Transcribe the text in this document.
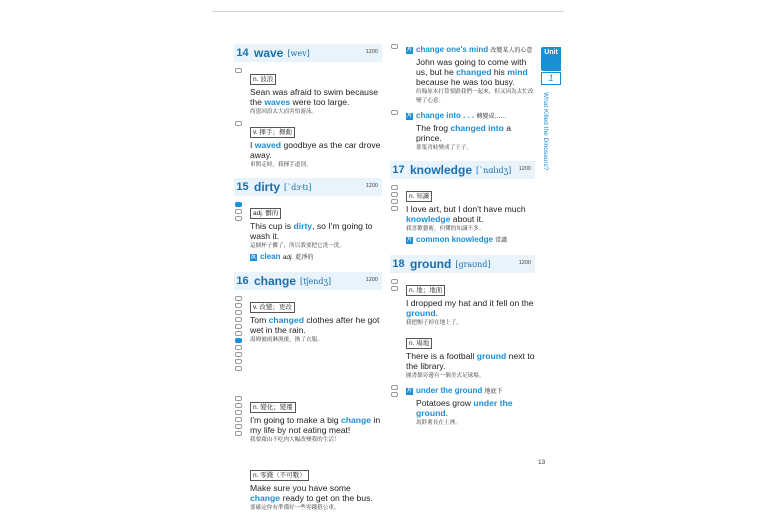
14 wave [wev]	1200
n. 波浪
Sean was afraid to swim because
the waves were too large.
尚恩因浪太大而害怕游泳。
v. 揮手；揮動
I waved goodbye as the car drove away.
車開走時，我揮手道別。
15 dirty [ˋdɝtɪ]	1200
adj. 髒的
This cup is dirty, so I'm going to wash it.
這個杯子髒了，所以我要把它洗一洗。
反 clean adj. 乾淨的
16 change [tʃendʒ]	1200
v. 改變；更改
Tom changed clothes after he got wet in the rain.
湯姆被雨淋濕後，換了衣服。
n. 變化；變遷
I'm going to make a big change in my life by not eating meat!
我要藉由不吃肉大幅改變我的生活！
n. 零錢（不可數）
Make sure you have some change ready to get on the bus.
要確定你有準備好一些零錢搭公車。
片 change one's mind 改變某人的心意
John was going to come with us, but he changed his mind because he was too busy.
約翰原本打算要跟我們一起來，但又因為太忙改變了心意。
片 change into . . . 轉變成……
The frog changed into a prince.
那隻青蛙變成了王子。
17 knowledge [ˋnɑlɪdʒ] 1200
n. 知識
I love art, but I don't have much knowledge about it.
我喜歡藝術，但懂的知識不多。
片 common knowledge 常識
18 ground [graʊnd]	1200
n. 地；地面
I dropped my hat and it fell on the ground.
我把帽子掉在地上了。
n. 場地
There is a football ground next to the library.
圖書館旁邊有一個美式足球場。
片 under the ground 地底下
Potatoes grow under the ground.
馬鈴薯長在土裡。
Unit
1
What Killed the Dinosaurs?
13
